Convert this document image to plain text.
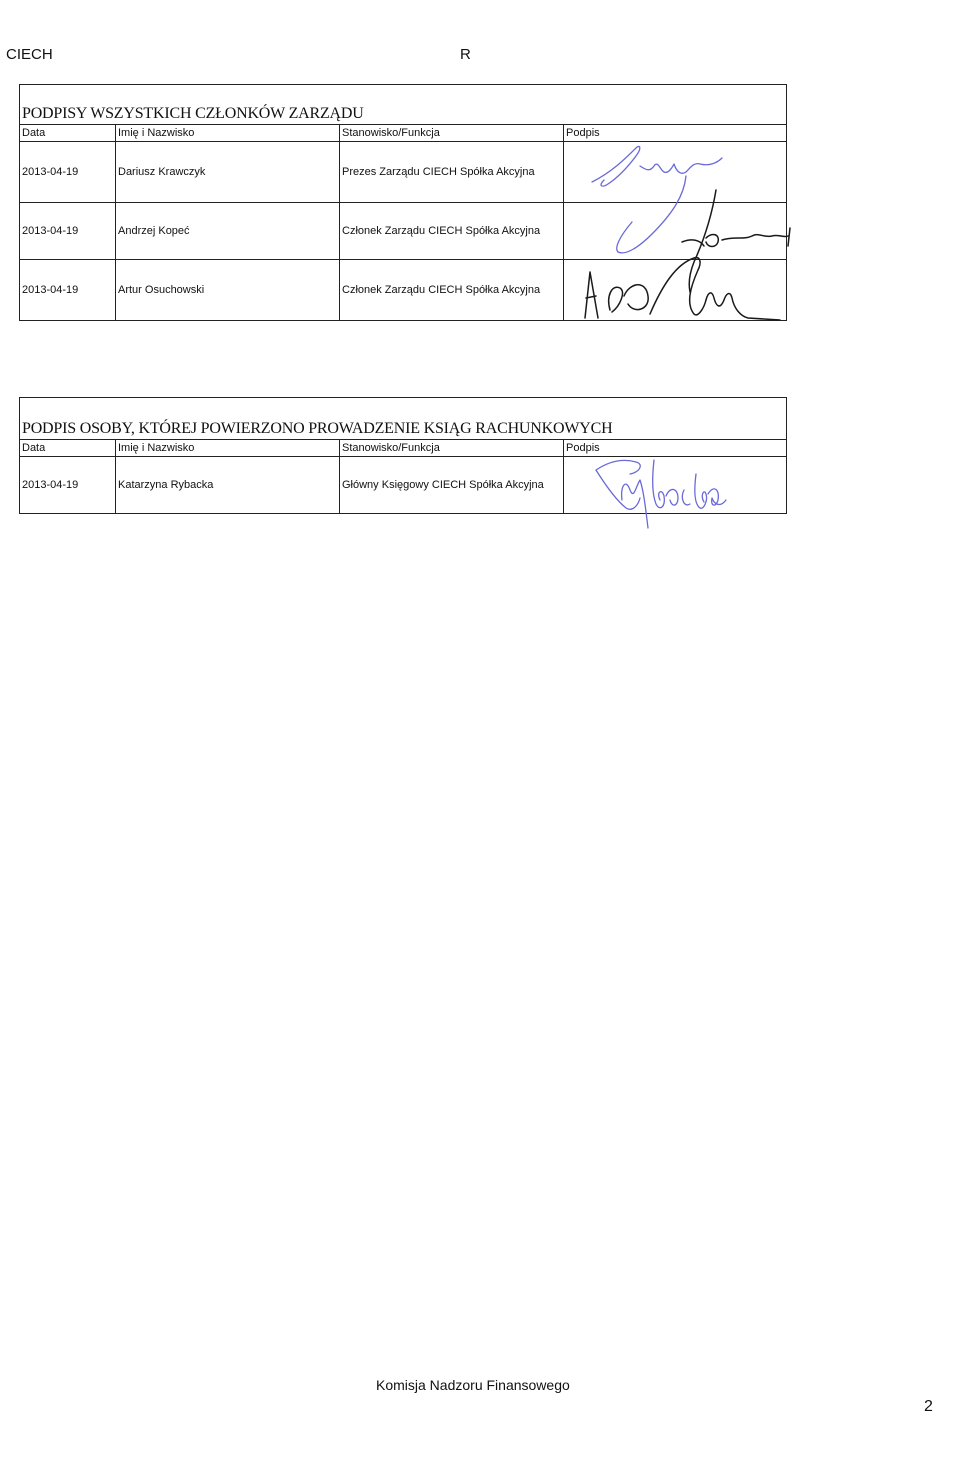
CIECH	R
PODPISY WSZYSTKICH CZŁONKÓW ZARZĄDU			
Data	Imię i Nazwisko	Stanowisko/Funkcja	Podpis
2013-04-19	Dariusz Krawczyk	Prezes Zarządu CIECH Spółka Akcyjna	
2013-04-19	Andrzej Kopeć	Członek Zarządu CIECH Spółka Akcyjna	
2013-04-19	Artur Osuchowski	Członek Zarządu CIECH Spółka Akcyjna	
PODPIS OSOBY, KTÓREJ POWIERZONO PROWADZENIE KSIĄG RACHUNKOWYCH			
Data	Imię i Nazwisko	Stanowisko/Funkcja	Podpis
2013-04-19	Katarzyna Rybacka	Główny Księgowy CIECH Spółka Akcyjna	
Komisja Nadzoru Finansowego
2
